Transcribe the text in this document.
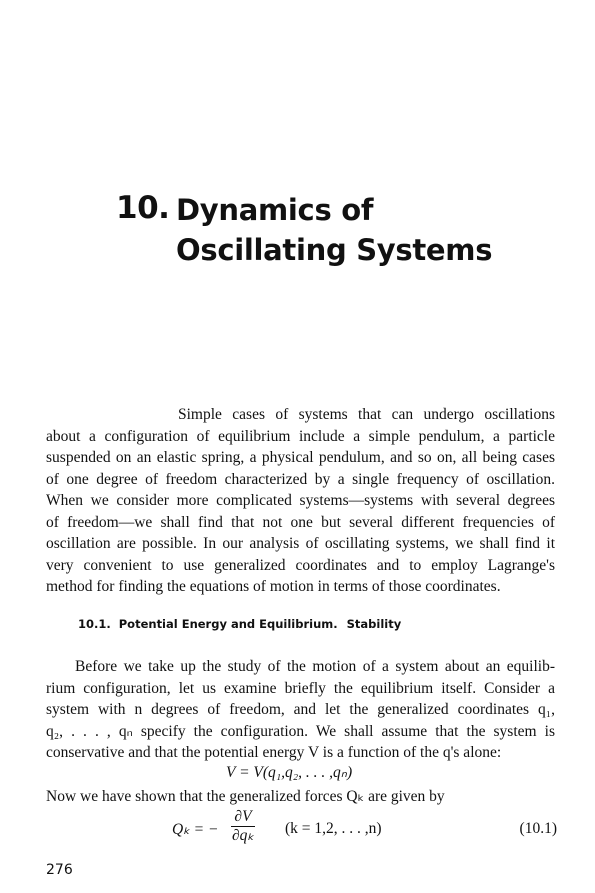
10. Dynamics of
Oscillating Systems
Simple cases of systems that can undergo oscillations
about a configuration of equilibrium include a simple pendulum, a particle
suspended on an elastic spring, a physical pendulum, and so on, all being cases
of one degree of freedom characterized by a single frequency of oscillation.
When we consider more complicated systems—systems with several degrees
of freedom—we shall find that not one but several different frequencies of
oscillation are possible. In our analysis of oscillating systems, we shall find it
very convenient to use generalized coordinates and to employ Lagrange's
method for finding the equations of motion in terms of those coordinates.
10.1. Potential Energy and Equilibrium. Stability
Before we take up the study of the motion of a system about an equilib-
rium configuration, let us examine briefly the equilibrium itself. Consider a
system with n degrees of freedom, and let the generalized coordinates q₁,
q₂, . . . , qₙ specify the configuration. We shall assume that the system is
conservative and that the potential energy V is a function of the q's alone:
V = V(q₁,q₂, . . . ,qₙ)
Now we have shown that the generalized forces Qₖ are given by
Qₖ = −
∂V
∂qₖ (k = 1,2, . . . ,n)	(10.1)
276
